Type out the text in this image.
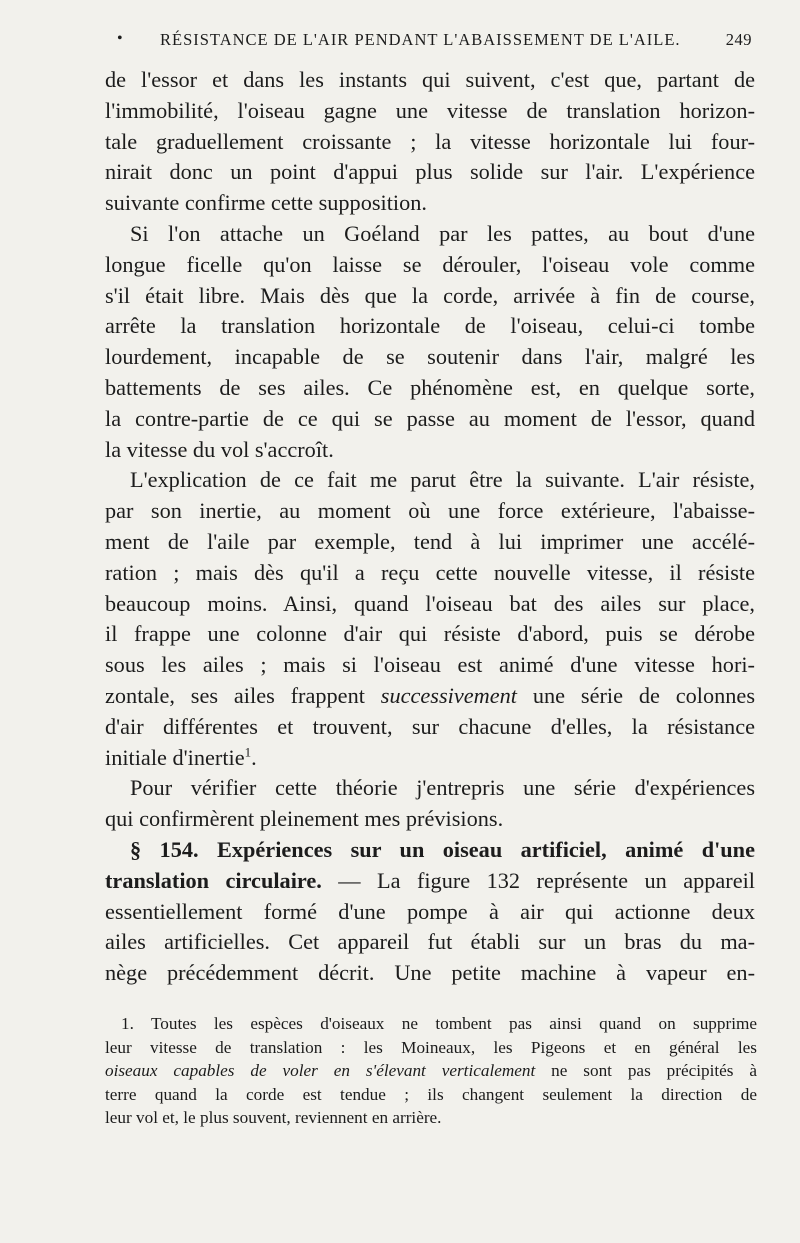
• RÉSISTANCE DE L'AIR PENDANT L'ABAISSEMENT DE L'AILE.	249
de l'essor et dans les instants qui suivent, c'est que, partant de
l'immobilité, l'oiseau gagne une vitesse de translation horizon-
tale graduellement croissante ; la vitesse horizontale lui four-
nirait donc un point d'appui plus solide sur l'air. L'expérience
suivante confirme cette supposition.
Si l'on attache un Goéland par les pattes, au bout d'une
longue ficelle qu'on laisse se dérouler, l'oiseau vole comme
s'il était libre. Mais dès que la corde, arrivée à fin de course,
arrête la translation horizontale de l'oiseau, celui-ci tombe
lourdement, incapable de se soutenir dans l'air, malgré les
battements de ses ailes. Ce phénomène est, en quelque sorte,
la contre-partie de ce qui se passe au moment de l'essor, quand
la vitesse du vol s'accroît.
L'explication de ce fait me parut être la suivante. L'air résiste,
par son inertie, au moment où une force extérieure, l'abaisse-
ment de l'aile par exemple, tend à lui imprimer une accélé-
ration ; mais dès qu'il a reçu cette nouvelle vitesse, il résiste
beaucoup moins. Ainsi, quand l'oiseau bat des ailes sur place,
il frappe une colonne d'air qui résiste d'abord, puis se dérobe
sous les ailes ; mais si l'oiseau est animé d'une vitesse hori-
zontale, ses ailes frappent successivement une série de colonnes
d'air différentes et trouvent, sur chacune d'elles, la résistance
initiale d'inertie$^1$.
Pour vérifier cette théorie j'entrepris une série d'expériences
qui confirmèrent pleinement mes prévisions.
§ 154. Expériences sur un oiseau artificiel, animé d'une
translation circulaire. — La figure 132 représente un appareil
essentiellement formé d'une pompe à air qui actionne deux
ailes artificielles. Cet appareil fut établi sur un bras du ma-
nège précédemment décrit. Une petite machine à vapeur en-
1. Toutes les espèces d'oiseaux ne tombent pas ainsi quand on supprime
leur vitesse de translation : les Moineaux, les Pigeons et en général les
oiseaux capables de voler en s'élevant verticalement ne sont pas précipités à
terre quand la corde est tendue ; ils changent seulement la direction de
leur vol et, le plus souvent, reviennent en arrière.
